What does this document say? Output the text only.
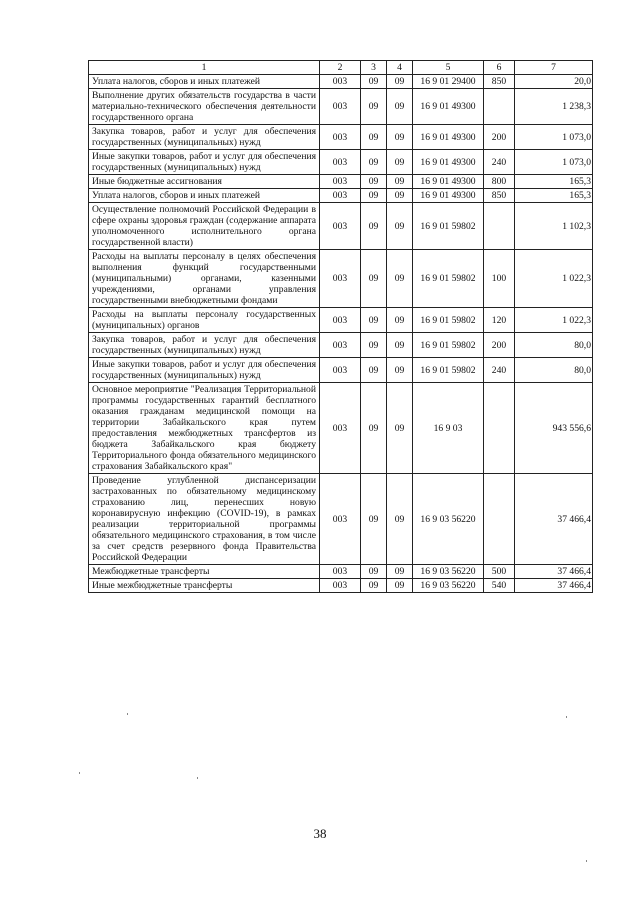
1	2	3	4	5	6	7
Уплата налогов, сборов и иных платежей	003	09	09	16 9 01 29400	850	20,0
Выполнение других обязательств государства в части материально-технического обеспечения деятельности государственного органа	003	09	09	16 9 01 49300		1 238,3
Закупка товаров, работ и услуг для обеспечения государственных (муниципальных) нужд	003	09	09	16 9 01 49300	200	1 073,0
Иные закупки товаров, работ и услуг для обеспечения государственных (муниципальных) нужд	003	09	09	16 9 01 49300	240	1 073,0
Иные бюджетные ассигнования	003	09	09	16 9 01 49300	800	165,3
Уплата налогов, сборов и иных платежей	003	09	09	16 9 01 49300	850	165,3
Осуществление полномочий Российской Федерации в сфере охраны здоровья граждан (содержание аппарата уполномоченного исполнительного органа государственной власти)	003	09	09	16 9 01 59802		1 102,3
Расходы на выплаты персоналу в целях обеспечения выполнения функций государственными (муниципальными) органами, казенными учреждениями, органами управления государственными внебюджетными фондами	003	09	09	16 9 01 59802	100	1 022,3
Расходы на выплаты персоналу государственных (муниципальных) органов	003	09	09	16 9 01 59802	120	1 022,3
Закупка товаров, работ и услуг для обеспечения государственных (муниципальных) нужд	003	09	09	16 9 01 59802	200	80,0
Иные закупки товаров, работ и услуг для обеспечения государственных (муниципальных) нужд	003	09	09	16 9 01 59802	240	80,0
Основное мероприятие "Реализация Территориальной программы государственных гарантий бесплатного оказания гражданам медицинской помощи на территории Забайкальского края путем предоставления межбюджетных трансфертов из бюджета Забайкальского края бюджету Территориального фонда обязательного медицинского страхования Забайкальского края"	003	09	09	16 9 03		943 556,6
Проведение углубленной диспансеризации застрахованных по обязательному медицинскому страхованию лиц, перенесших новую коронавирусную инфекцию (COVID-19), в рамках реализации территориальной программы обязательного медицинского страхования, в том числе за счет средств резервного фонда Правительства Российской Федерации	003	09	09	16 9 03 56220		37 466,4
Межбюджетные трансферты	003	09	09	16 9 03 56220	500	37 466,4
Иные межбюджетные трансферты	003	09	09	16 9 03 56220	540	37 466,4
38
